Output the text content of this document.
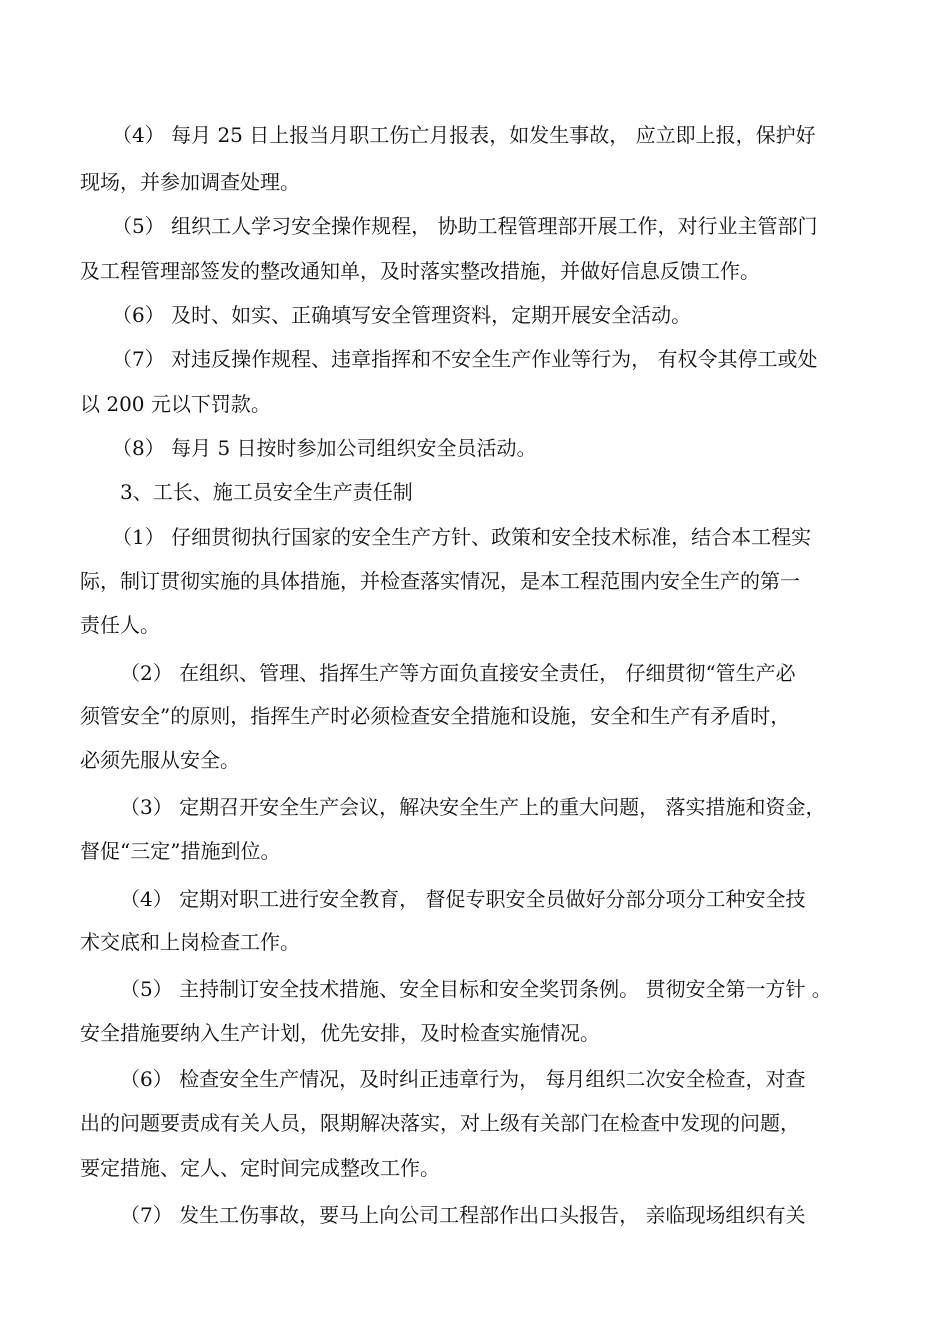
（4） 每月 25 日上报当月职工伤亡月报表，如发生事故， 应立即上报，保护好
现场，并参加调查处理。
（5） 组织工人学习安全操作规程， 协助工程管理部开展工作，对行业主管部门
及工程管理部签发的整改通知单，及时落实整改措施，并做好信息反馈工作。
（6） 及时、如实、正确填写安全管理资料，定期开展安全活动。
（7） 对违反操作规程、违章指挥和不安全生产作业等行为， 有权令其停工或处
以 200 元以下罚款。
（8） 每月 5 日按时参加公司组织安全员活动。
3、工长、施工员安全生产责任制
（1） 仔细贯彻执行国家的安全生产方针、政策和安全技术标准，结合本工程实
际，制订贯彻实施的具体措施，并检查落实情况，是本工程范围内安全生产的第一
责任人。
（2） 在组织、管理、指挥生产等方面负直接安全责任， 仔细贯彻“管生产必
须管安全”的原则，指挥生产时必须检查安全措施和设施，安全和生产有矛盾时，
必须先服从安全。
（3） 定期召开安全生产会议，解决安全生产上的重大问题， 落实措施和资金，
督促“三定”措施到位。
（4） 定期对职工进行安全教育， 督促专职安全员做好分部分项分工种安全技
术交底和上岗检查工作。
（5） 主持制订安全技术措施、安全目标和安全奖罚条例。 贯彻安全第一方针 。
安全措施要纳入生产计划，优先安排，及时检查实施情况。
（6） 检查安全生产情况，及时纠正违章行为， 每月组织二次安全检查，对查
出的问题要责成有关人员，限期解决落实，对上级有关部门在检查中发现的问题，
要定措施、定人、定时间完成整改工作。
（7） 发生工伤事故，要马上向公司工程部作出口头报告， 亲临现场组织有关
